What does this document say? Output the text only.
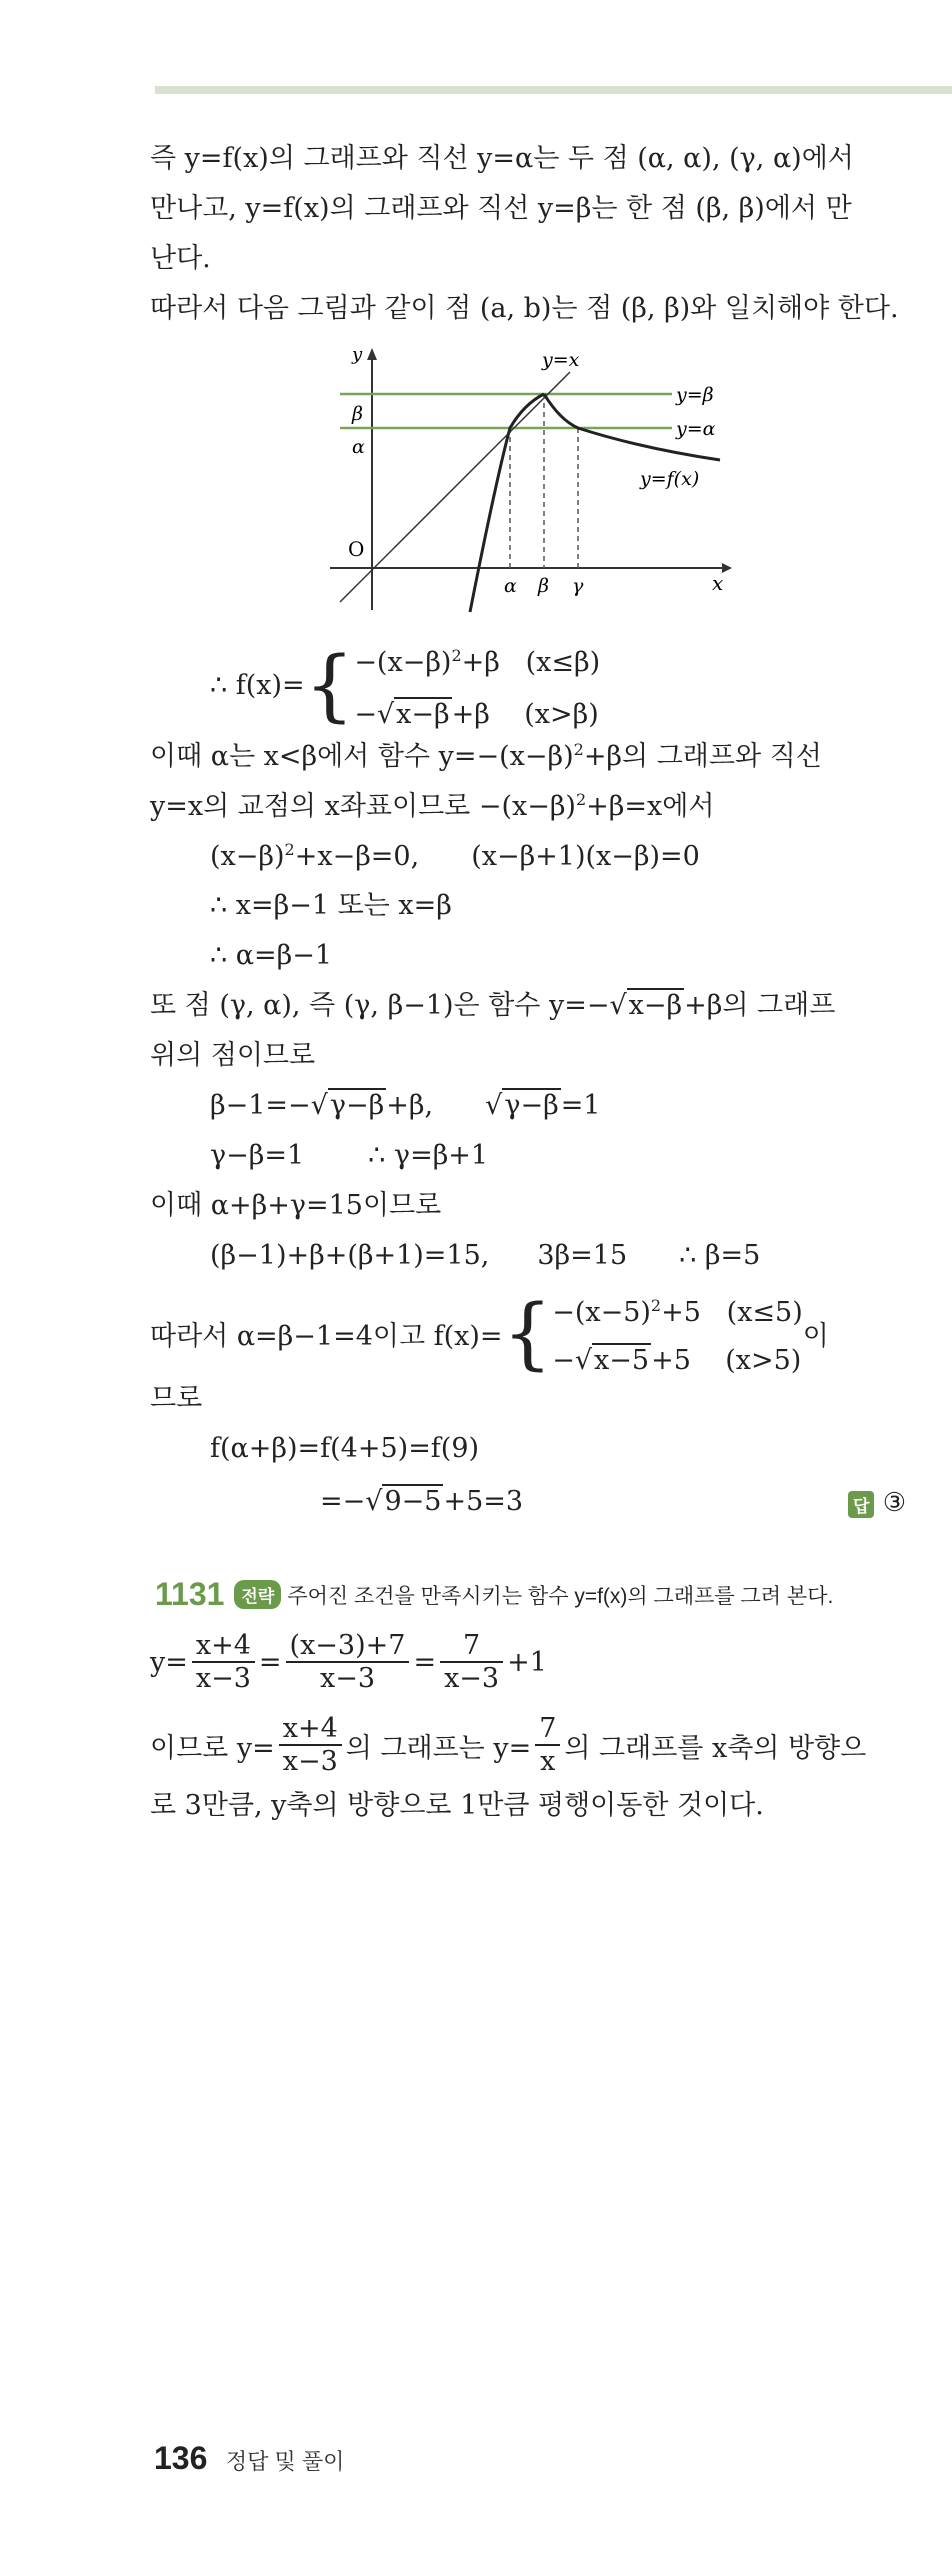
즉 y=f(x)의 그래프와 직선 y=α는 두 점 (α, α), (γ, α)에서
만나고, y=f(x)의 그래프와 직선 y=β는 한 점 (β, β)에서 만
난다.
따라서 다음 그림과 같이 점 (a, b)는 점 (β, β)와 일치해야 한다.
y
x
O
y=β
y=α
β
α
y=x
y=f(x)
α β γ
∴ f(x)= { $-(x-\beta)^2+\beta$ (x≤β)
−√x−β+β (x>β)
이때 α는 x<β에서 함수 $y=-(x-\beta)^2+\beta$의 그래프와 직선
y=x의 교점의 x좌표이므로 $-(x-\beta)^2+\beta=x$에서
$(x-\beta)^2+x-\beta=0$, (x−β+1)(x−β)=0
∴ x=β−1 또는 x=β
∴ α=β−1
또 점 (γ, α), 즉 (γ, β−1)은 함수 y=−√x−β+β의 그래프
위의 점이므로
β−1=−√γ−β+β, √γ−β=1
γ−β=1 ∴ γ=β+1
이때 α+β+γ=15이므로
(β−1)+β+(β+1)=15, 3β=15 ∴ β=5
따라서 α=β−1=4이고 f(x)= { $-(x-5)^2+5$ (x≤5)
−√x−5+5 (x>5)
이
므로
f(α+β)=f(4+5)=f(9)
=−√9−5+5=3	답 ③
1131	전략 주어진 조건을 만족시키는 함수 y=f(x)의 그래프를 그려 본다.
$y= \frac{x+4}{x-3} = \frac{(x-3)+7}{x-3} = \frac{7}{x-3} +1$
이므로 $y= \frac{x+4}{x-3}$ 의 그래프는 $y= \frac{7}{x}$ 의 그래프를 x축의 방향으
로 3만큼, y축의 방향으로 1만큼 평행이동한 것이다.
136 정답 및 풀이
